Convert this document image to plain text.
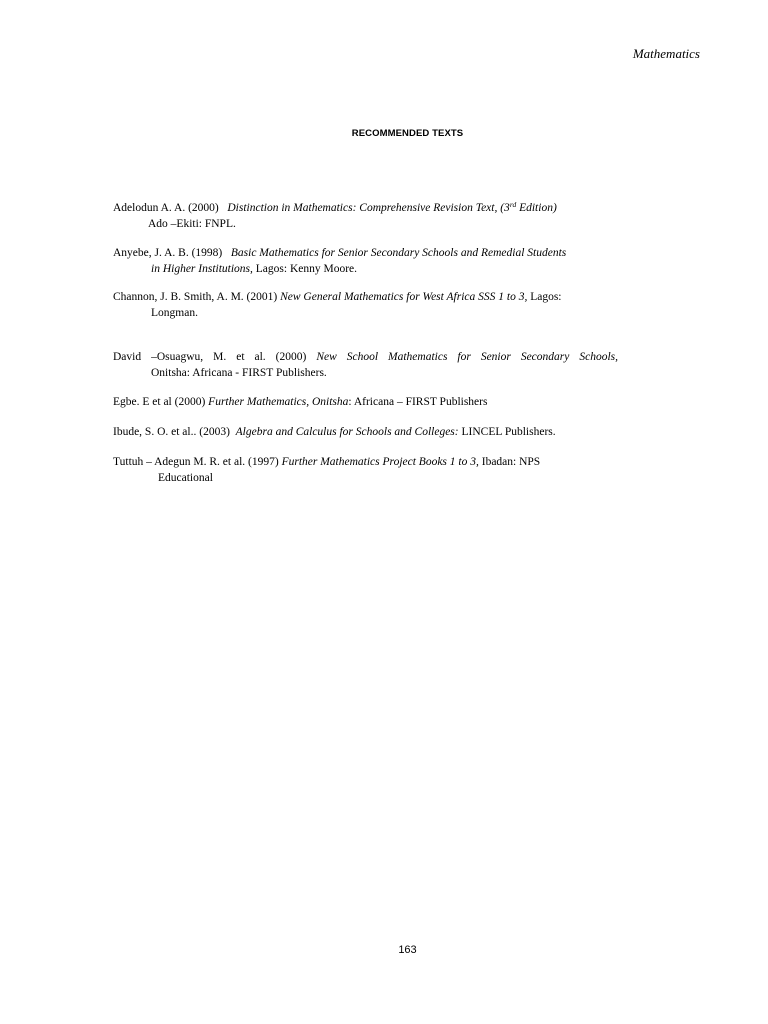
Mathematics
RECOMMENDED TEXTS
Adelodun A. A. (2000) Distinction in Mathematics: Comprehensive Revision Text, (3rd Edition)
Ado –Ekiti: FNPL.
Anyebe, J. A. B. (1998) Basic Mathematics for Senior Secondary Schools and Remedial Students
in Higher Institutions, Lagos: Kenny Moore.
Channon, J. B. Smith, A. M. (2001) New General Mathematics for West Africa SSS 1 to 3, Lagos:
Longman.
David –Osuagwu, M. et al. (2000) New School Mathematics for Senior Secondary Schools,
Onitsha: Africana - FIRST Publishers.
Egbe. E et al (2000) Further Mathematics, Onitsha: Africana – FIRST Publishers
Ibude, S. O. et al.. (2003) Algebra and Calculus for Schools and Colleges: LINCEL Publishers.
Tuttuh – Adegun M. R. et al. (1997) Further Mathematics Project Books 1 to 3, Ibadan: NPS
Educational
163
